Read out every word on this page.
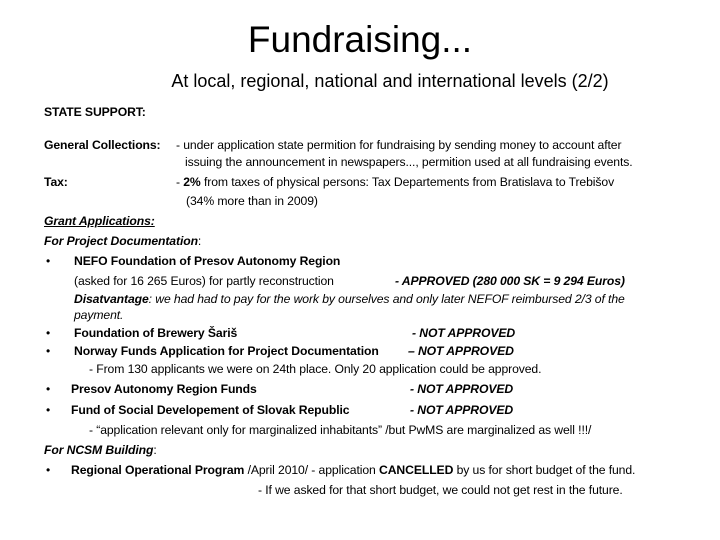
Fundraising...
At local, regional, national and international levels (2/2)
STATE SUPPORT:
General Collections: - under application state permition for fundraising by sending money to account after
issuing the announcement in newspapers..., permition used at all fundraising events.
Tax:	- 2% from taxes of physical persons: Tax Departements from Bratislava to Trebišov
(34% more than in 2009)
Grant Applications:
For Project Documentation:
• NEFO Foundation of Presov Autonomy Region
(asked for 16 265 Euros) for partly reconstruction	- APPROVED (280 000 SK = 9 294 Euros)
Disatvantage: we had had to pay for the work by ourselves and only later NEFOF reimbursed 2/3 of the
payment.
• Foundation of Brewery Šariš	- NOT APPROVED
• Norway Funds Application for Project Documentation – NOT APPROVED
- From 130 applicants we were on 24th place. Only 20 application could be approved.
• Presov Autonomy Region Funds	- NOT APPROVED
• Fund of Social Developement of Slovak Republic	- NOT APPROVED
- “application relevant only for marginalized inhabitants” /but PwMS are marginalized as well !!!/
For NCSM Building:
• Regional Operational Program /April 2010/ - application CANCELLED by us for short budget of the fund.
- If we asked for that short budget, we could not get rest in the future.
